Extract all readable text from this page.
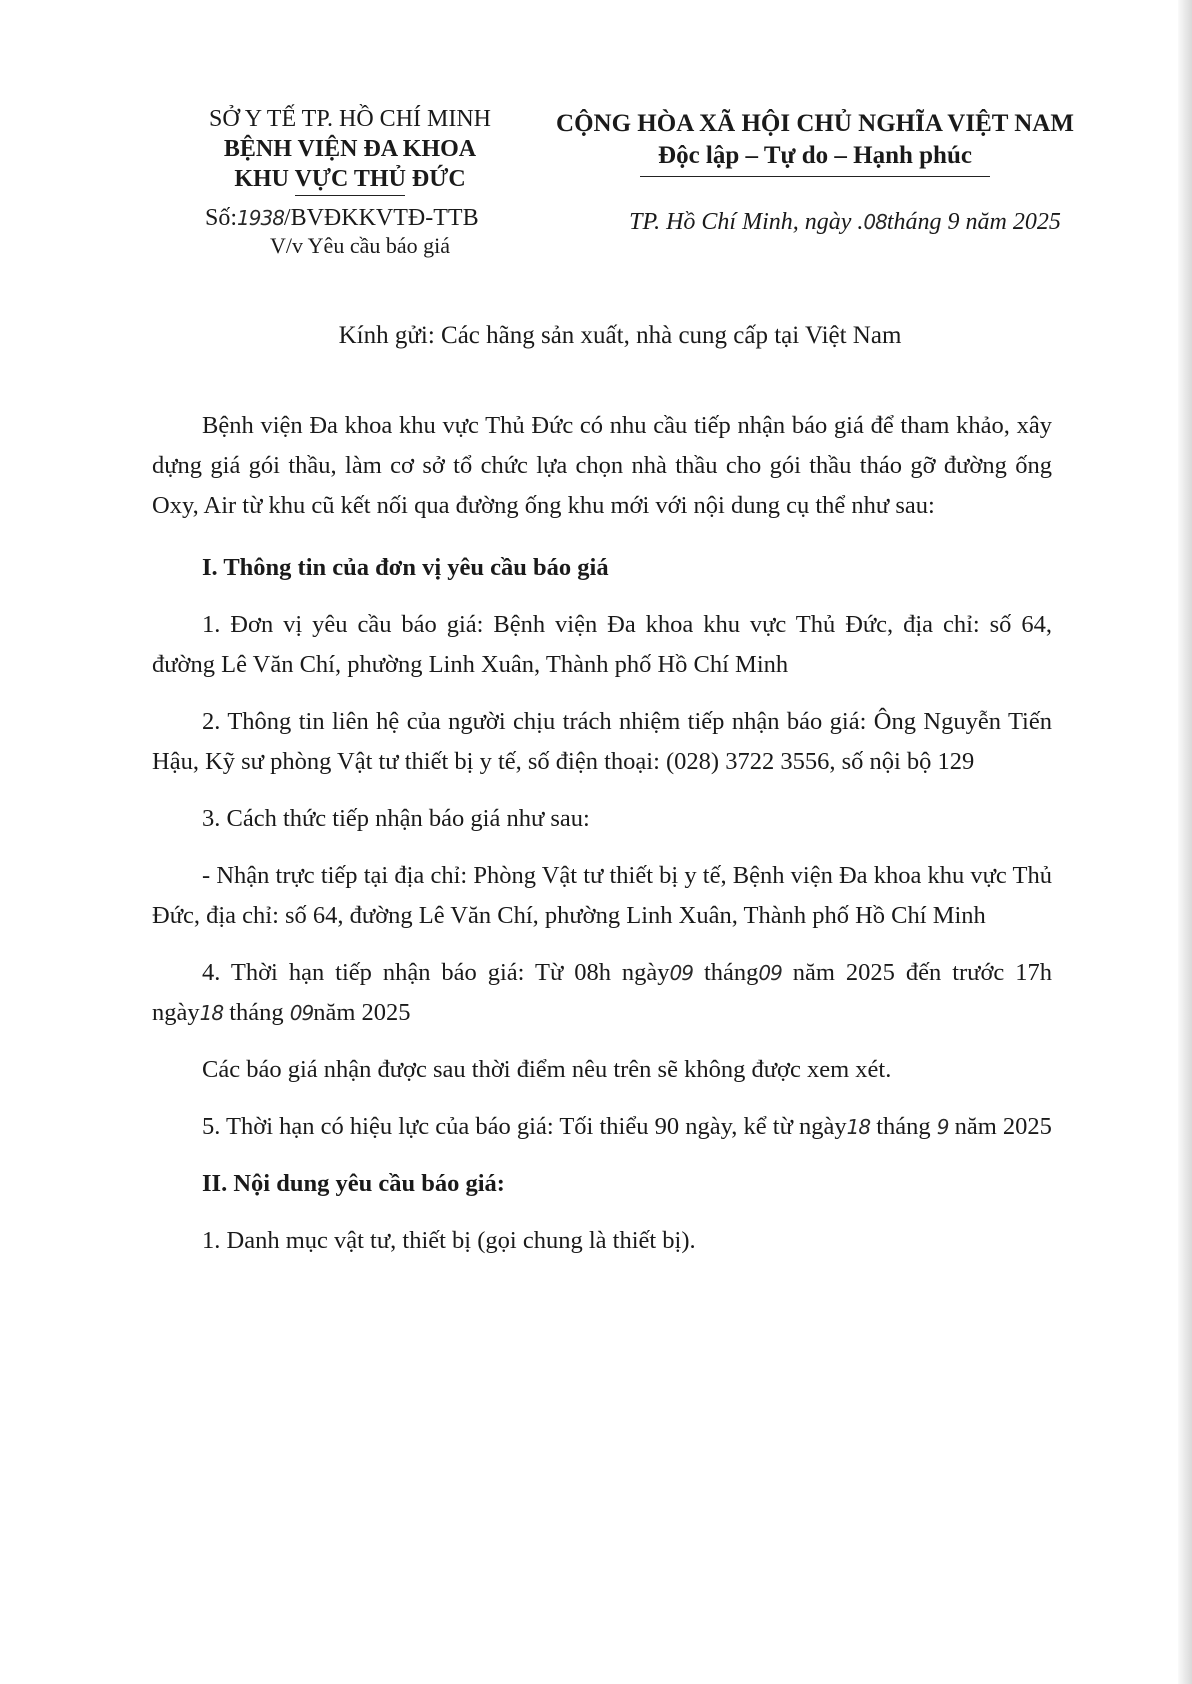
SỞ Y TẾ TP. HỒ CHÍ MINH
BỆNH VIỆN ĐA KHOA
KHU VỰC THỦ ĐỨC
CỘNG HÒA XÃ HỘI CHỦ NGHĨA VIỆT NAM
Độc lập – Tự do – Hạnh phúc
Số:1938/BVĐKKVTĐ-TTB
V/v Yêu cầu báo giá
TP. Hồ Chí Minh, ngày .08tháng 9 năm 2025
Kính gửi: Các hãng sản xuất, nhà cung cấp tại Việt Nam

Bệnh viện Đa khoa khu vực Thủ Đức có nhu cầu tiếp nhận báo giá để tham khảo, xây dựng giá gói thầu, làm cơ sở tổ chức lựa chọn nhà thầu cho gói thầu tháo gỡ đường ống Oxy, Air từ khu cũ kết nối qua đường ống khu mới với nội dung cụ thể như sau:

I. Thông tin của đơn vị yêu cầu báo giá

1. Đơn vị yêu cầu báo giá: Bệnh viện Đa khoa khu vực Thủ Đức, địa chỉ: số 64, đường Lê Văn Chí, phường Linh Xuân, Thành phố Hồ Chí Minh

2. Thông tin liên hệ của người chịu trách nhiệm tiếp nhận báo giá: Ông Nguyễn Tiến Hậu, Kỹ sư phòng Vật tư thiết bị y tế, số điện thoại: (028) 3722 3556, số nội bộ 129

3. Cách thức tiếp nhận báo giá như sau:

- Nhận trực tiếp tại địa chỉ: Phòng Vật tư thiết bị y tế, Bệnh viện Đa khoa khu vực Thủ Đức, địa chỉ: số 64, đường Lê Văn Chí, phường Linh Xuân, Thành phố Hồ Chí Minh

4. Thời hạn tiếp nhận báo giá: Từ 08h ngày09 tháng09 năm 2025 đến trước 17h ngày18 tháng 09năm 2025

Các báo giá nhận được sau thời điểm nêu trên sẽ không được xem xét.

5. Thời hạn có hiệu lực của báo giá: Tối thiểu 90 ngày, kể từ ngày18 tháng 9 năm 2025

II. Nội dung yêu cầu báo giá:

1. Danh mục vật tư, thiết bị (gọi chung là thiết bị).
